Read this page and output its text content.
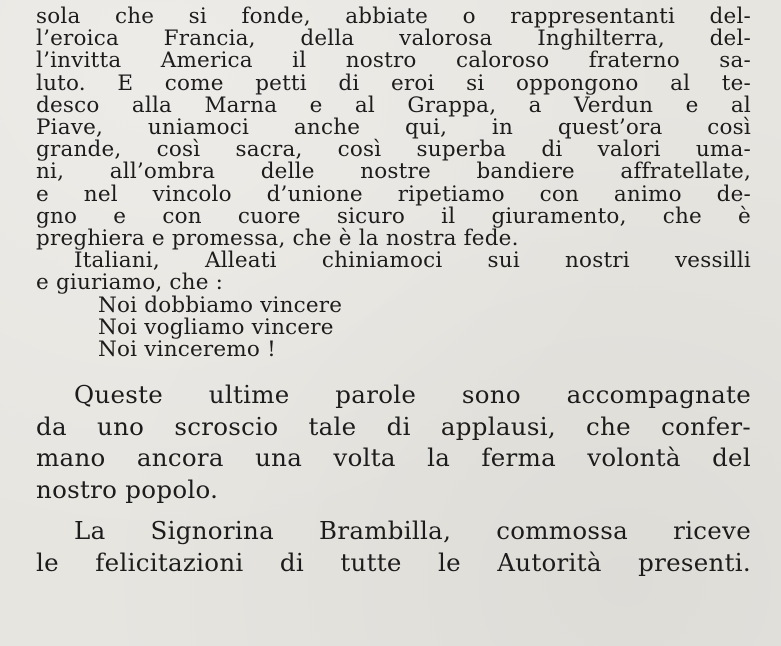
sola che si fonde, abbiate o rappresentanti del-
l’eroica Francia, della valorosa Inghilterra, del-
l’invitta America il nostro caloroso fraterno sa-
luto. E come petti di eroi si oppongono al te-
desco alla Marna e al Grappa, a Verdun e al
Piave, uniamoci anche qui, in quest’ora così
grande, così sacra, così superba di valori uma-
ni, all’ombra delle nostre bandiere affratellate,
e nel vincolo d’unione ripetiamo con animo de-
gno e con cuore sicuro il giuramento, che è
preghiera e promessa, che è la nostra fede.
Italiani, Alleati chiniamoci sui nostri vessilli
e giuriamo, che :
Noi dobbiamo vincere
Noi vogliamo vincere
Noi vinceremo !
Queste ultime parole sono accompagnate
da uno scroscio tale di applausi, che confer-
mano ancora una volta la ferma volontà del
nostro popolo.
La Signorina Brambilla, commossa riceve
le felicitazioni di tutte le Autorità presenti.
